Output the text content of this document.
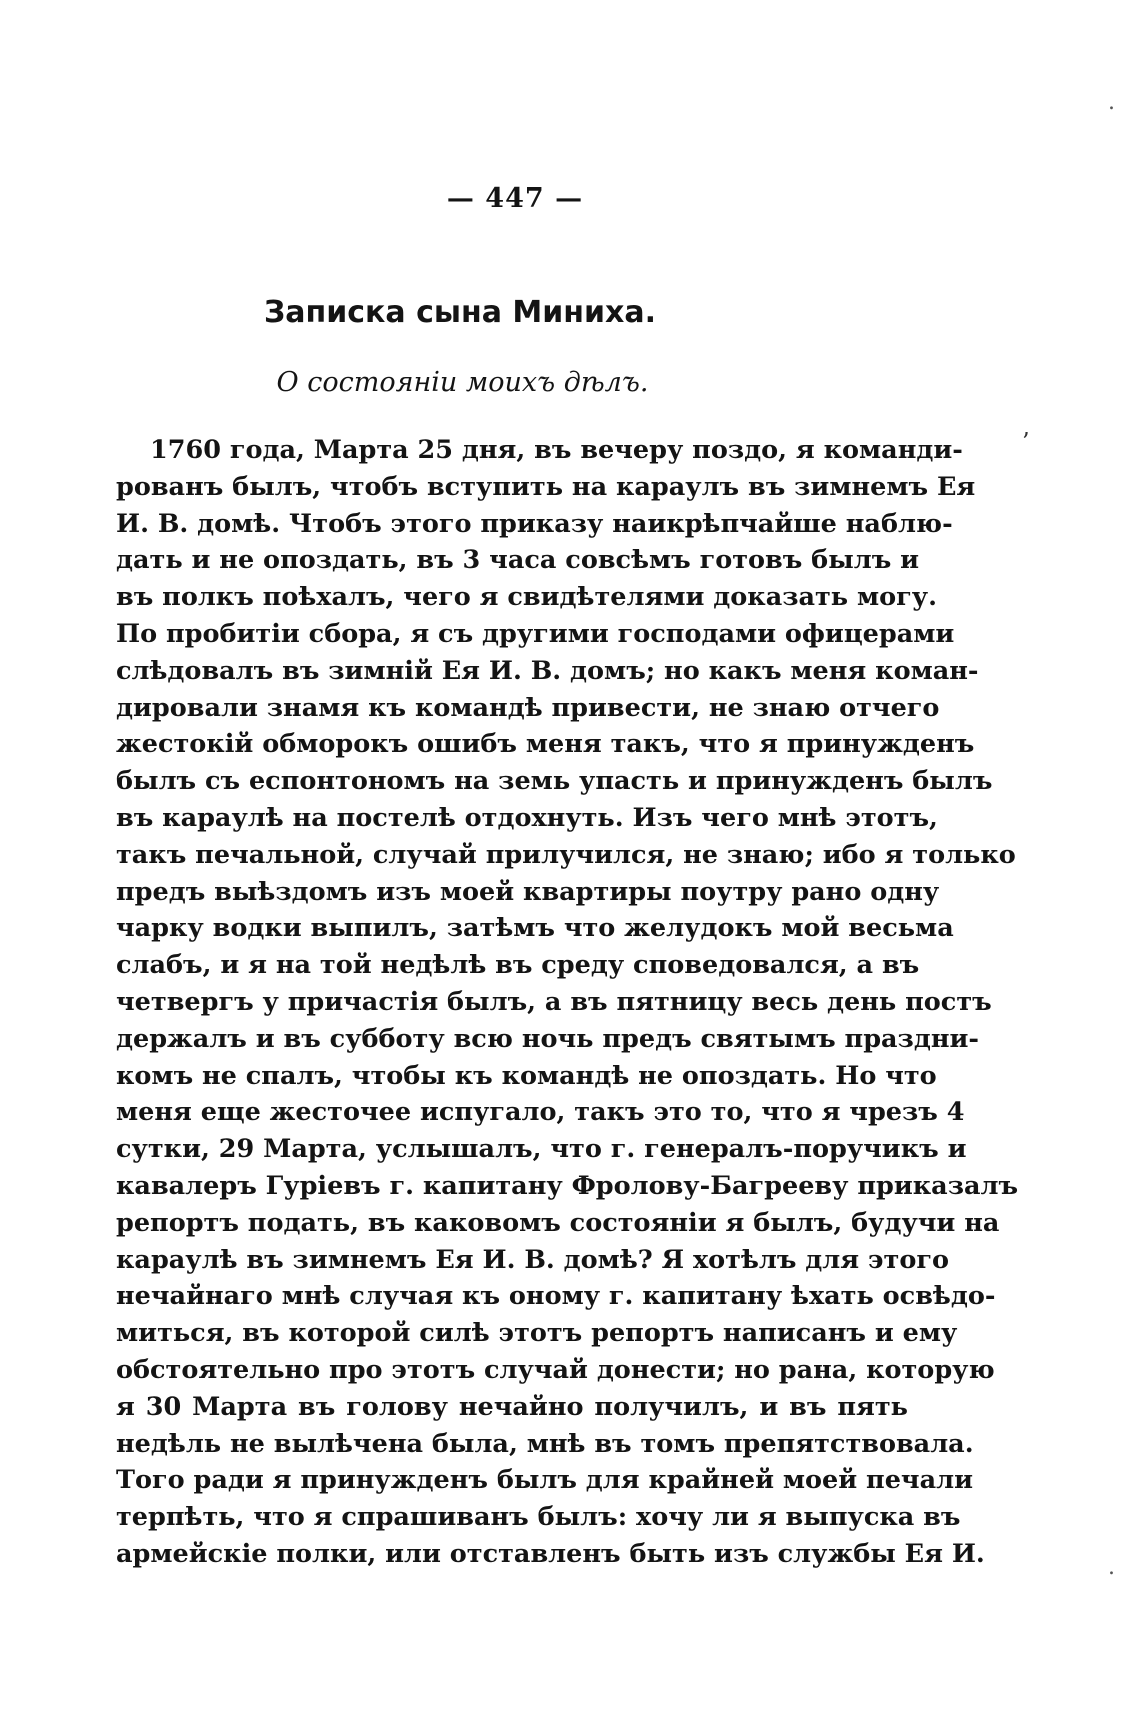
— 447 —
Записка сына Миниха.
О состояніи моихъ дѣлъ.
’
.
.
1760 года, Марта 25 дня, въ вечеру поздо, я команди-
рованъ былъ, чтобъ вступить на караулъ въ зимнемъ Ея
И. В. домѣ. Чтобъ этого приказу наикрѣпчайше наблю-
дать и не опоздать, въ 3 часа совсѣмъ готовъ былъ и
въ полкъ поѣхалъ, чего я свидѣтелями доказать могу.
По пробитіи сбора, я съ другими господами офицерами
слѣдовалъ въ зимній Ея И. В. домъ; но какъ меня коман-
дировали знамя къ командѣ привести, не знаю отчего
жестокій обморокъ ошибъ меня такъ, что я принужденъ
былъ съ еспонтономъ на земь упасть и принужденъ былъ
въ караулѣ на постелѣ отдохнуть. Изъ чего мнѣ этотъ,
такъ печальной, случай прилучился, не знаю; ибо я только
предъ выѣздомъ изъ моей квартиры поутру рано одну
чарку водки выпилъ, затѣмъ что желудокъ мой весьма
слабъ, и я на той недѣлѣ въ среду споведовался, а въ
четвергъ у причастія былъ, а въ пятницу весь день постъ
держалъ и въ субботу всю ночь предъ святымъ праздни-
комъ не спалъ, чтобы къ командѣ не опоздать. Но что
меня еще жесточее испугало, такъ это то, что я чрезъ 4
сутки, 29 Марта, услышалъ, что г. генералъ-поручикъ и
кавалеръ Гуріевъ г. капитану Фролову-Багрееву приказалъ
репортъ подать, въ каковомъ состояніи я былъ, будучи на
караулѣ въ зимнемъ Ея И. В. домѣ? Я хотѣлъ для этого
нечайнаго мнѣ случая къ оному г. капитану ѣхать освѣдо-
миться, въ которой силѣ этотъ репортъ написанъ и ему
обстоятельно про этотъ случай донести; но рана, которую
я 30 Марта въ голову нечайно получилъ, и въ пять
недѣль не вылѣчена была, мнѣ въ томъ препятствовала.
Того ради я принужденъ былъ для крайней моей печали
терпѣть, что я спрашиванъ былъ: хочу ли я выпуска въ
армейскіе полки, или отставленъ быть изъ службы Ея И.
